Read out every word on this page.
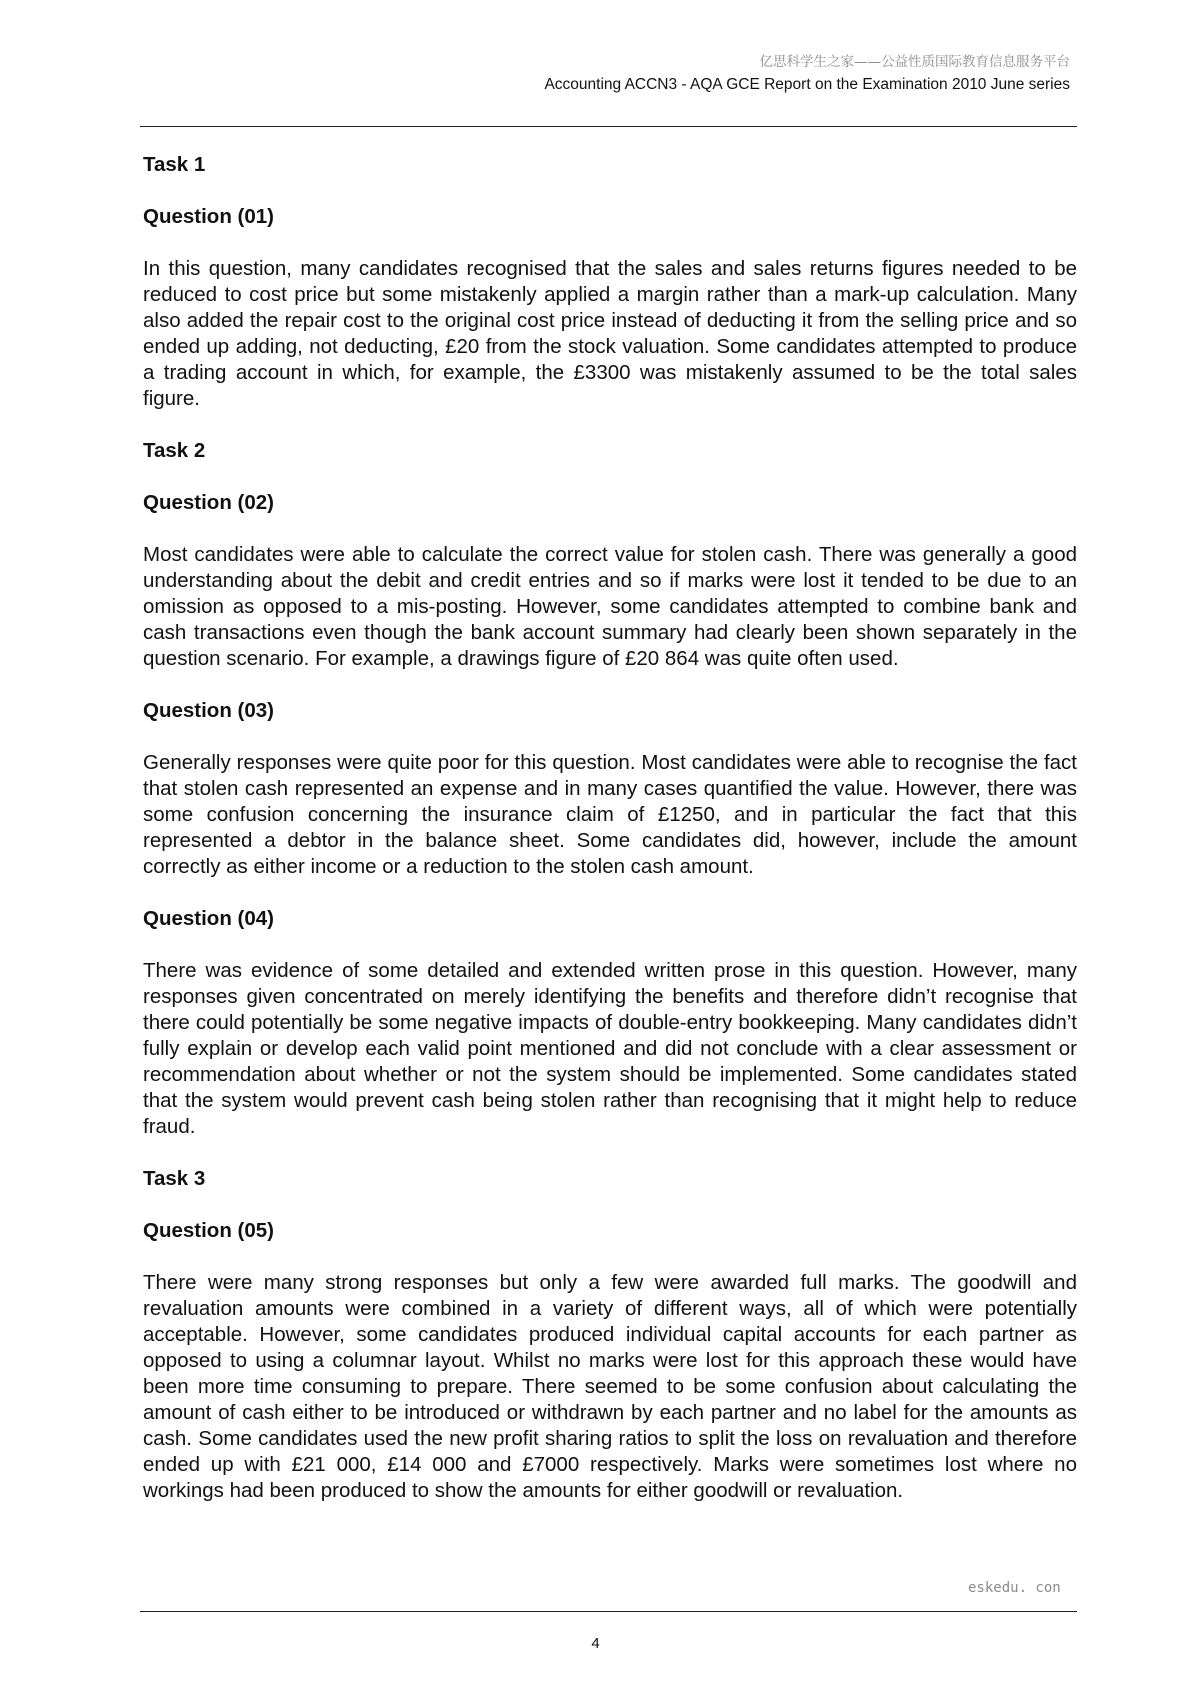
亿思科学生之家——公益性质国际教育信息服务平台
Accounting ACCN3 - AQA GCE Report on the Examination 2010 June series
Task 1
Question (01)

In this question, many candidates recognised that the sales and sales returns figures needed to be reduced to cost price but some mistakenly applied a margin rather than a mark-up calculation. Many also added the repair cost to the original cost price instead of deducting it from the selling price and so ended up adding, not deducting, £20 from the stock valuation. Some candidates attempted to produce a trading account in which, for example, the £3300 was mistakenly assumed to be the total sales figure.

Task 2
Question (02)

Most candidates were able to calculate the correct value for stolen cash. There was generally a good understanding about the debit and credit entries and so if marks were lost it tended to be due to an omission as opposed to a mis-posting. However, some candidates attempted to combine bank and cash transactions even though the bank account summary had clearly been shown separately in the question scenario. For example, a drawings figure of £20 864 was quite often used.

Question (03)

Generally responses were quite poor for this question. Most candidates were able to recognise the fact that stolen cash represented an expense and in many cases quantified the value. However, there was some confusion concerning the insurance claim of £1250, and in particular the fact that this represented a debtor in the balance sheet. Some candidates did, however, include the amount correctly as either income or a reduction to the stolen cash amount.

Question (04)

There was evidence of some detailed and extended written prose in this question. However, many responses given concentrated on merely identifying the benefits and therefore didn’t recognise that there could potentially be some negative impacts of double-entry bookkeeping. Many candidates didn’t fully explain or develop each valid point mentioned and did not conclude with a clear assessment or recommendation about whether or not the system should be implemented. Some candidates stated that the system would prevent cash being stolen rather than recognising that it might help to reduce fraud.

Task 3
Question (05)

There were many strong responses but only a few were awarded full marks. The goodwill and revaluation amounts were combined in a variety of different ways, all of which were potentially acceptable. However, some candidates produced individual capital accounts for each partner as opposed to using a columnar layout. Whilst no marks were lost for this approach these would have been more time consuming to prepare. There seemed to be some confusion about calculating the amount of cash either to be introduced or withdrawn by each partner and no label for the amounts as cash. Some candidates used the new profit sharing ratios to split the loss on revaluation and therefore ended up with £21 000, £14 000 and £7000 respectively. Marks were sometimes lost where no workings had been produced to show the amounts for either goodwill or revaluation.

eskedu. con
4
